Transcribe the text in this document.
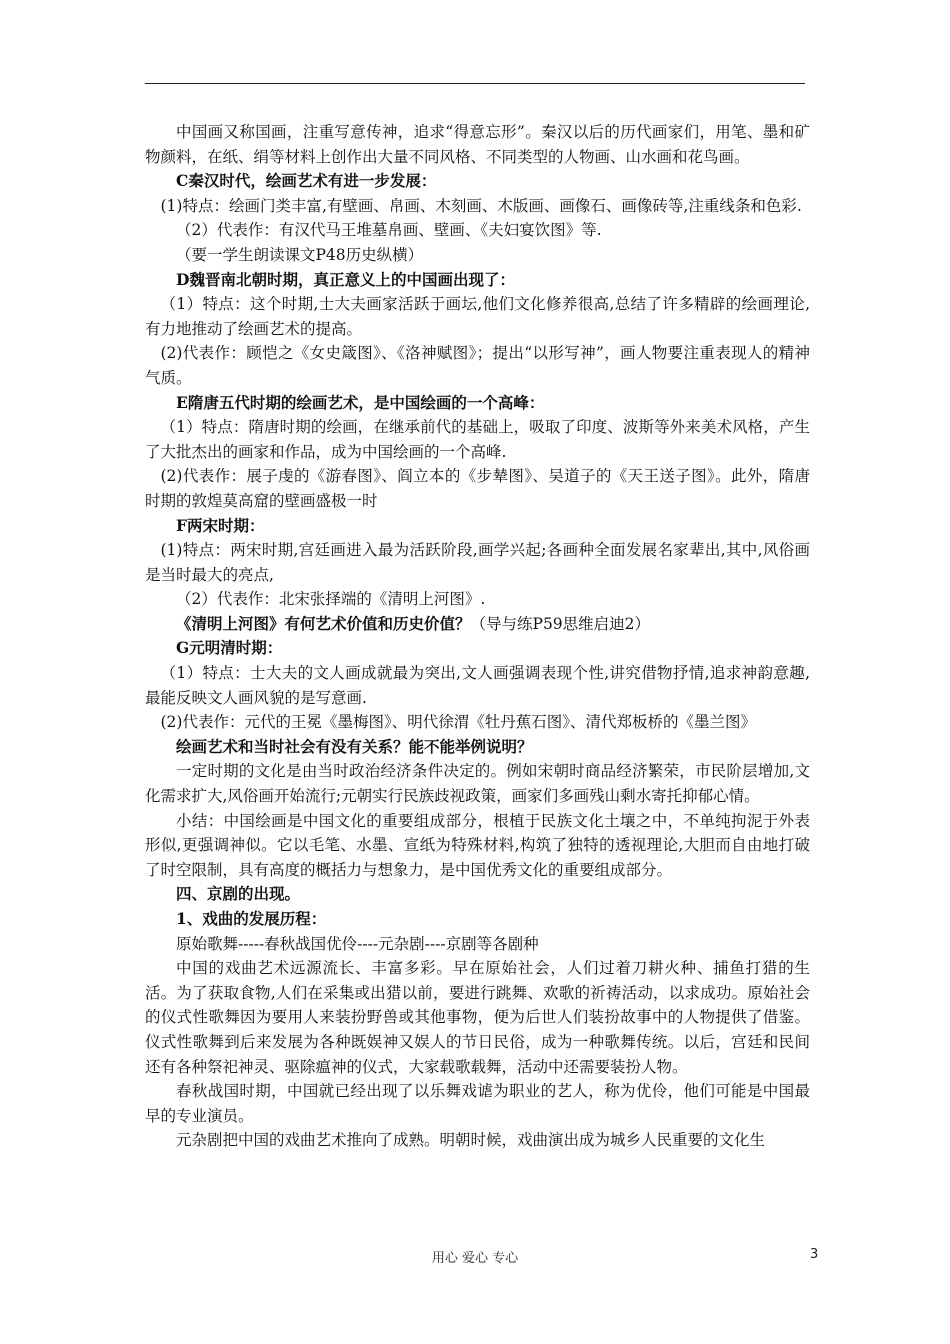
中国画又称国画，注重写意传神，追求“得意忘形”。秦汉以后的历代画家们，用笔、墨和矿物颜料，在纸、绢等材料上创作出大量不同风格、不同类型的人物画、山水画和花鸟画。

C秦汉时代，绘画艺术有进一步发展：

(1)特点：绘画门类丰富,有壁画、帛画、木刻画、木版画、画像石、画像砖等,注重线条和色彩.

（2）代表作：有汉代马王堆墓帛画、壁画、《夫妇宴饮图》等.

（要一学生朗读课文P48历史纵横）

D魏晋南北朝时期，真正意义上的中国画出现了：

（1）特点：这个时期,士大夫画家活跃于画坛,他们文化修养很高,总结了许多精辟的绘画理论,有力地推动了绘画艺术的提高。

(2)代表作：顾恺之《女史箴图》、《洛神赋图》；提出“以形写神”，画人物要注重表现人的精神气质。

E隋唐五代时期的绘画艺术，是中国绘画的一个高峰：

（1）特点：隋唐时期的绘画，在继承前代的基础上，吸取了印度、波斯等外来美术风格，产生了大批杰出的画家和作品，成为中国绘画的一个高峰.

(2)代表作：展子虔的《游春图》、阎立本的《步辇图》、吴道子的《天王送子图》。此外，隋唐时期的敦煌莫高窟的壁画盛极一时

F两宋时期：

(1)特点：两宋时期,宫廷画进入最为活跃阶段,画学兴起;各画种全面发展名家辈出,其中,风俗画是当时最大的亮点,

（2）代表作：北宋张择端的《清明上河图》.

《清明上河图》有何艺术价值和历史价值？（导与练P59思维启迪2）

G元明清时期：

（1）特点：士大夫的文人画成就最为突出,文人画强调表现个性,讲究借物抒情,追求神韵意趣,最能反映文人画风貌的是写意画.

(2)代表作：元代的王冕《墨梅图》、明代徐渭《牡丹蕉石图》、清代郑板桥的《墨兰图》

绘画艺术和当时社会有没有关系？能不能举例说明？

一定时期的文化是由当时政治经济条件决定的。例如宋朝时商品经济繁荣，市民阶层增加,文化需求扩大,风俗画开始流行;元朝实行民族歧视政策，画家们多画残山剩水寄托抑郁心情。

小结：中国绘画是中国文化的重要组成部分，根植于民族文化土壤之中，不单纯拘泥于外表形似,更强调神似。它以毛笔、水墨、宣纸为特殊材料,构筑了独特的透视理论,大胆而自由地打破了时空限制，具有高度的概括力与想象力，是中国优秀文化的重要组成部分。

四、京剧的出现。

1、戏曲的发展历程：

原始歌舞-----春秋战国优伶----元杂剧----京剧等各剧种

中国的戏曲艺术远源流长、丰富多彩。早在原始社会，人们过着刀耕火种、捕鱼打猎的生活。为了获取食物,人们在采集或出猎以前，要进行跳舞、欢歌的祈祷活动，以求成功。原始社会的仪式性歌舞因为要用人来装扮野兽或其他事物，便为后世人们装扮故事中的人物提供了借鉴。仪式性歌舞到后来发展为各种既娱神又娱人的节日民俗，成为一种歌舞传统。以后，宫廷和民间还有各种祭祀神灵、驱除瘟神的仪式，大家载歌载舞，活动中还需要装扮人物。

春秋战国时期，中国就已经出现了以乐舞戏谑为职业的艺人，称为优伶，他们可能是中国最早的专业演员。

元杂剧把中国的戏曲艺术推向了成熟。明朝时候，戏曲演出成为城乡人民重要的文化生

用心 爱心 专心	3
